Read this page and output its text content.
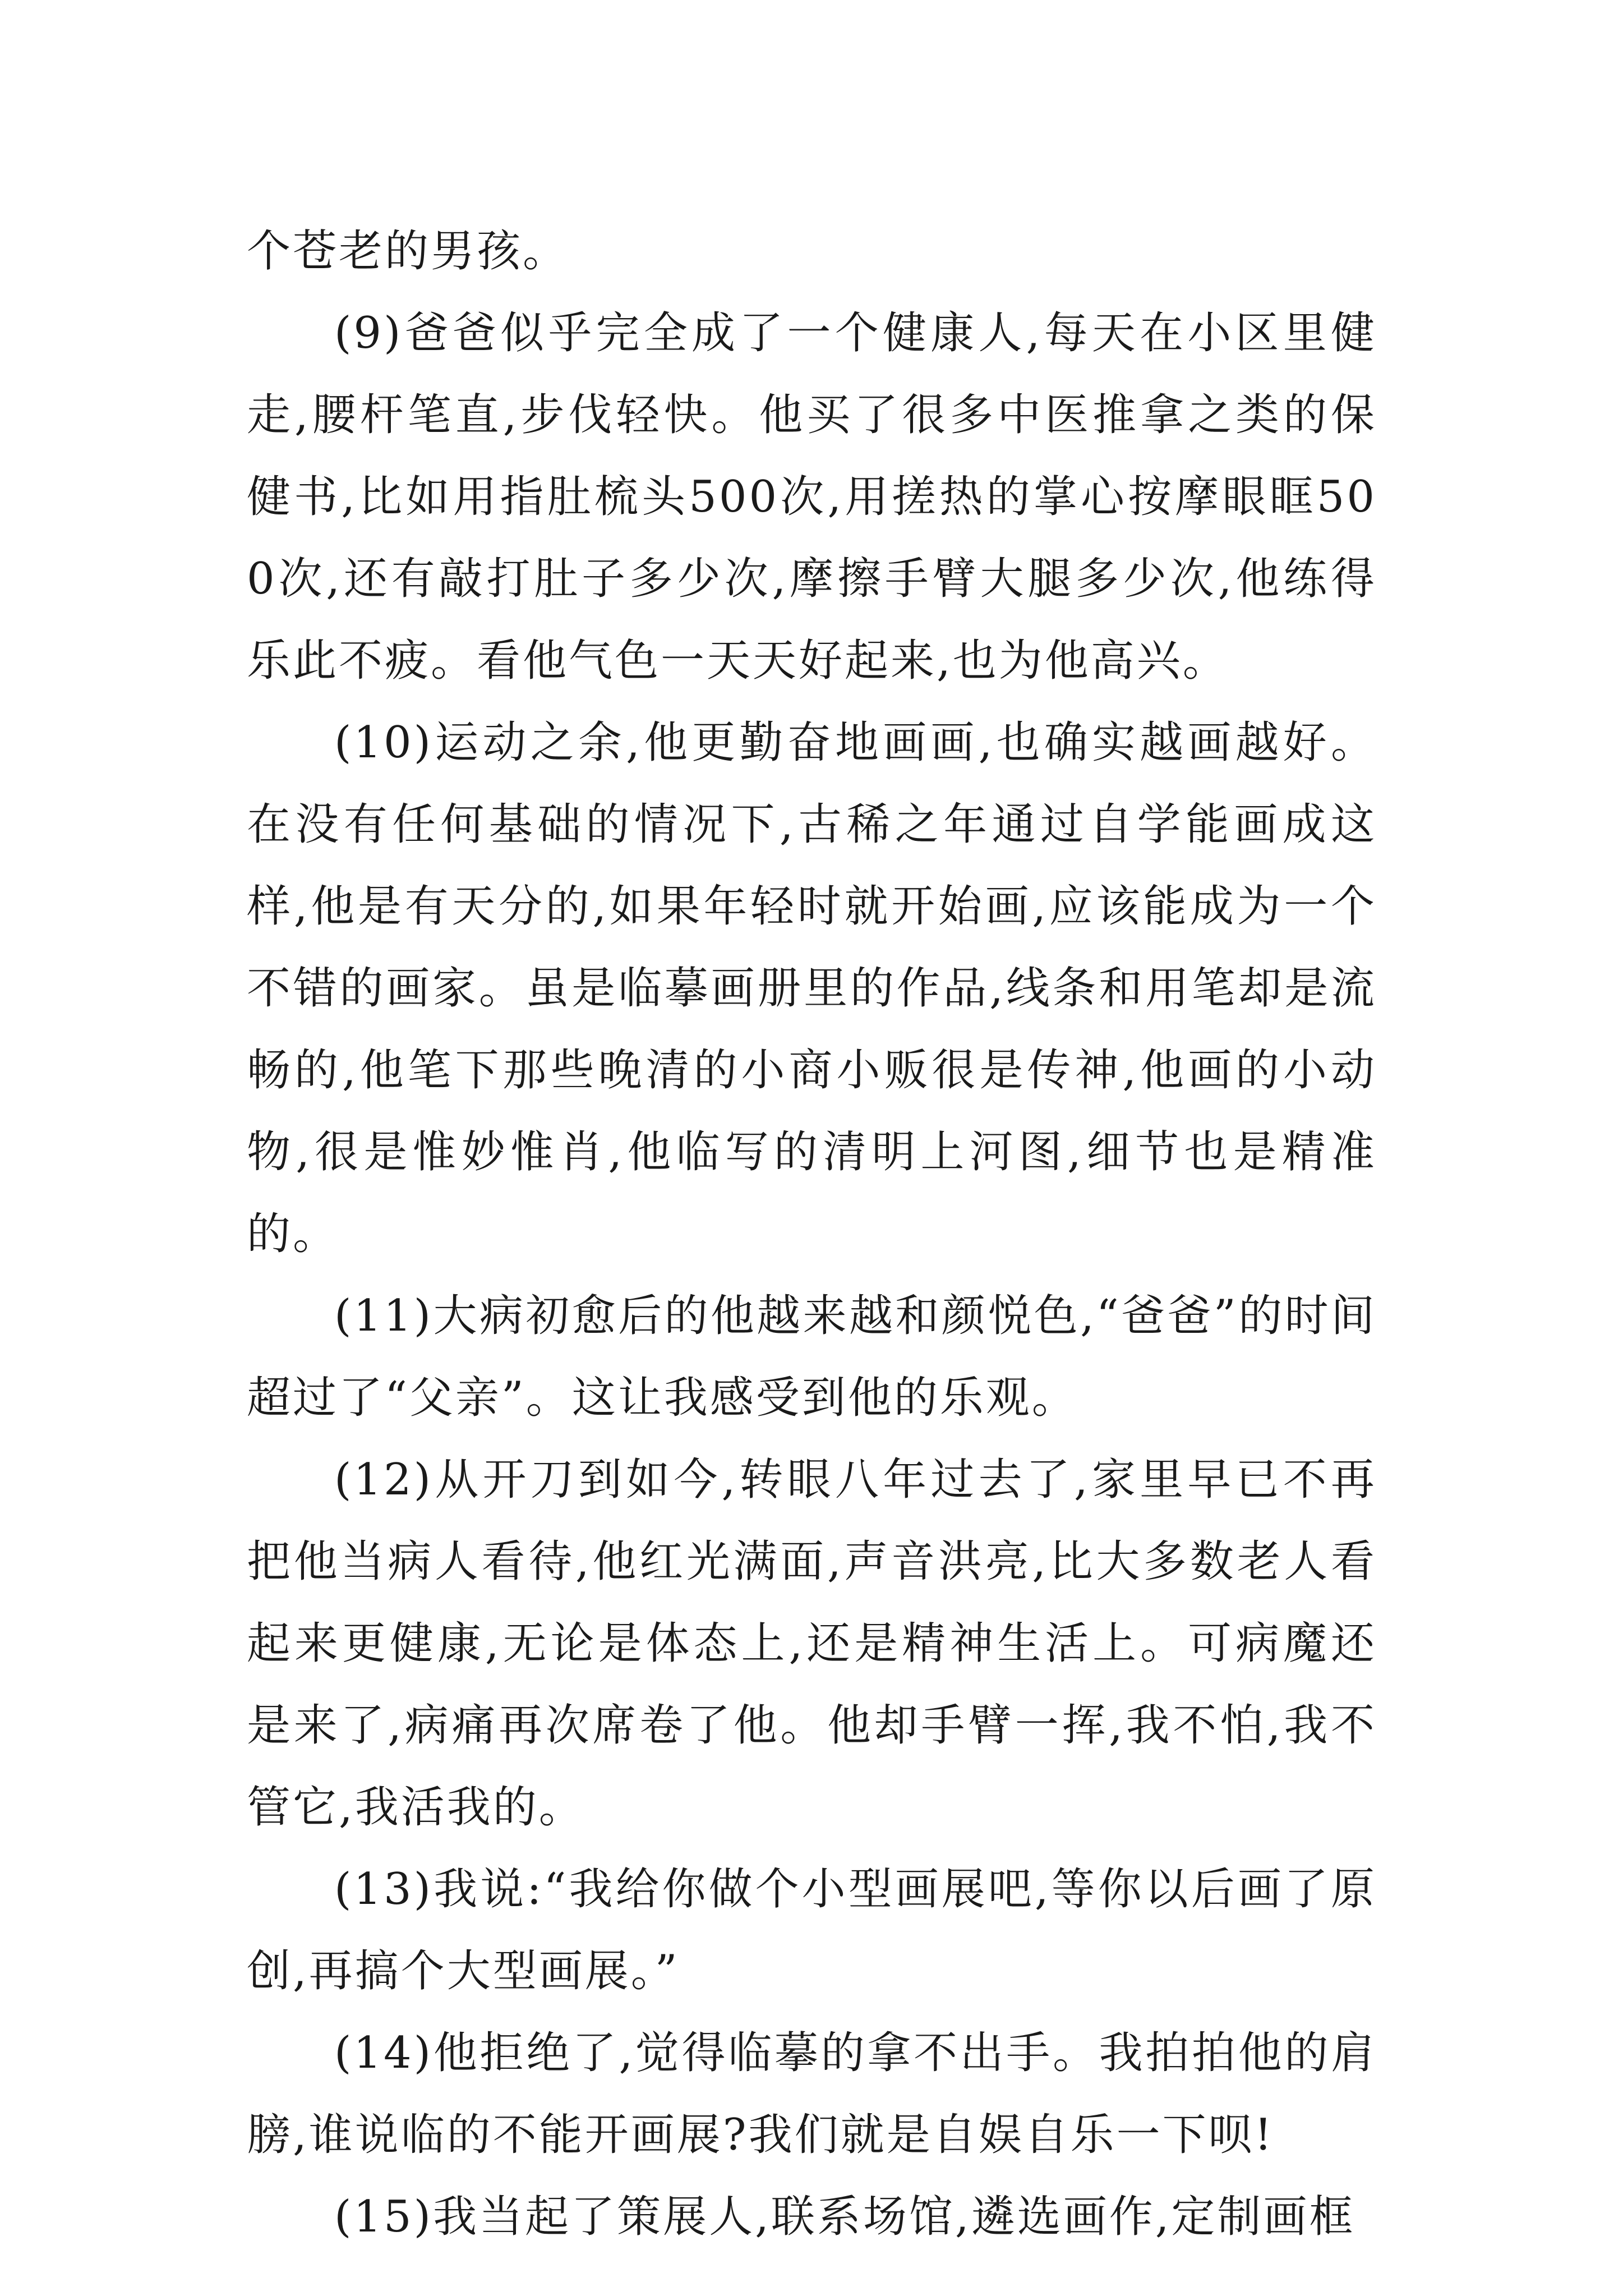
个苍老的男孩。

(9)爸爸似乎完全成了一个健康人,每天在小区里健走,腰杆笔直,步伐轻快。他买了很多中医推拿之类的保健书,比如用指肚梳头500次,用搓热的掌心按摩眼眶500次,还有敲打肚子多少次,摩擦手臂大腿多少次,他练得乐此不疲。看他气色一天天好起来,也为他高兴。

(10)运动之余,他更勤奋地画画,也确实越画越好。在没有任何基础的情况下,古稀之年通过自学能画成这样,他是有天分的,如果年轻时就开始画,应该能成为一个不错的画家。虽是临摹画册里的作品,线条和用笔却是流畅的,他笔下那些晚清的小商小贩很是传神,他画的小动物,很是惟妙惟肖,他临写的清明上河图,细节也是精准的。

(11)大病初愈后的他越来越和颜悦色,“爸爸”的时间超过了“父亲”。这让我感受到他的乐观。

(12)从开刀到如今,转眼八年过去了,家里早已不再把他当病人看待,他红光满面,声音洪亮,比大多数老人看起来更健康,无论是体态上,还是精神生活上。可病魔还是来了,病痛再次席卷了他。他却手臂一挥,我不怕,我不管它,我活我的。

(13)我说:“我给你做个小型画展吧,等你以后画了原创,再搞个大型画展。”

(14)他拒绝了,觉得临摹的拿不出手。我拍拍他的肩膀,谁说临的不能开画展?我们就是自娱自乐一下呗!

(15)我当起了策展人,联系场馆,遴选画作,定制画框
